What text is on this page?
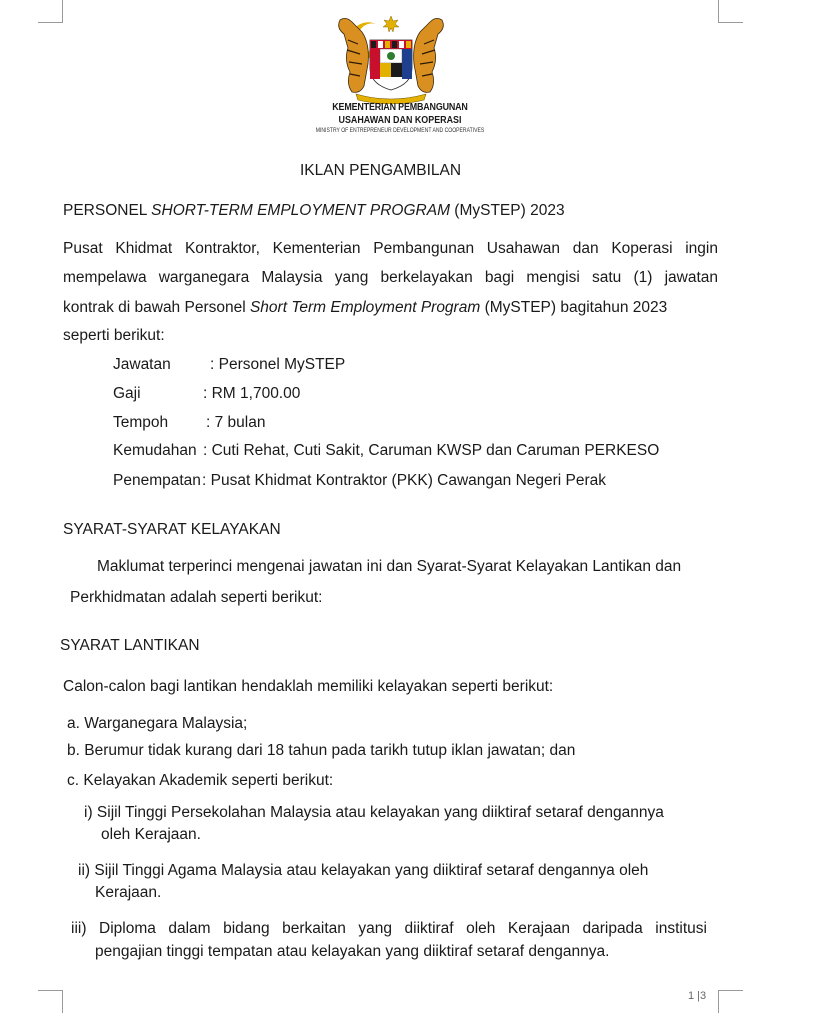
KEMENTERIAN PEMBANGUNAN
USAHAWAN DAN KOPERASI
MINISTRY OF ENTREPRENEUR DEVELOPMENT AND COOPERATIVES
IKLAN PENGAMBILAN
PERSONEL SHORT-TERM EMPLOYMENT PROGRAM (MySTEP) 2023
Pusat Khidmat Kontraktor, Kementerian Pembangunan Usahawan dan Koperasi ingin
mempelawa warganegara Malaysia yang berkelayakan bagi mengisi satu (1) jawatan
kontrak di bawah Personel Short Term Employment Program (MySTEP) bagitahun 2023
seperti berikut:
Jawatan	: Personel MySTEP
Gaji	: RM 1,700.00
Tempoh : 7 bulan
Kemudahan : Cuti Rehat, Cuti Sakit, Caruman KWSP dan Caruman PERKESO
Penempatan : Pusat Khidmat Kontraktor (PKK) Cawangan Negeri Perak
SYARAT-SYARAT KELAYAKAN
Maklumat terperinci mengenai jawatan ini dan Syarat-Syarat Kelayakan Lantikan dan
Perkhidmatan adalah seperti berikut:
SYARAT LANTIKAN
Calon-calon bagi lantikan hendaklah memiliki kelayakan seperti berikut:
a. Warganegara Malaysia;
b. Berumur tidak kurang dari 18 tahun pada tarikh tutup iklan jawatan; dan
c. Kelayakan Akademik seperti berikut:
i) Sijil Tinggi Persekolahan Malaysia atau kelayakan yang diiktiraf setaraf dengannya
oleh Kerajaan.
ii) Sijil Tinggi Agama Malaysia atau kelayakan yang diiktiraf setaraf dengannya oleh
Kerajaan.
iii) Diploma dalam bidang berkaitan yang diiktiraf oleh Kerajaan daripada institusi
pengajian tinggi tempatan atau kelayakan yang diiktiraf setaraf dengannya.
1 |3
